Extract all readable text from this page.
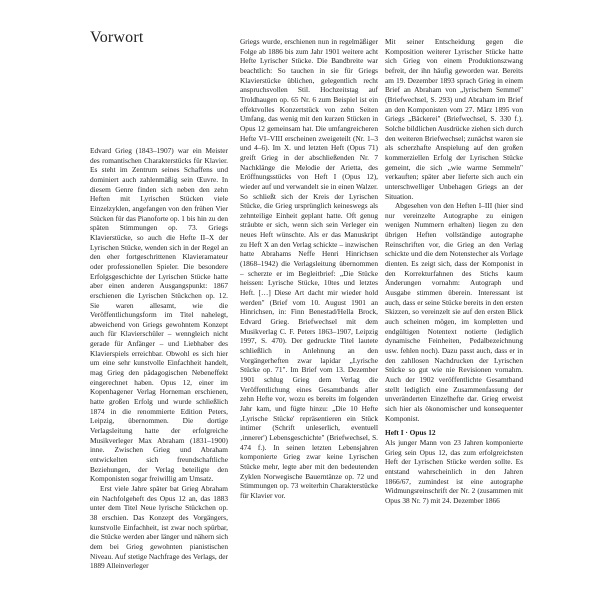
Vorwort

Edvard Grieg (1843–1907) war ein Meister des romantischen Charakterstücks für Klavier. Es steht im Zentrum seines Schaffens und dominiert auch zahlenmäßig sein Œuvre. In diesem Genre finden sich neben den zehn Heften mit Lyrischen Stücken viele Einzelzyklen, angefangen von den frühen Vier Stücken für das Pianoforte op. 1 bis hin zu den späten Stimmungen op. 73. Griegs Klavierstücke, so auch die Hefte II–X der Lyrischen Stücke, wenden sich in der Regel an den eher fortgeschrittenen Klavieramateur oder professionellen Spieler. Die besondere Erfolgsgeschichte der Lyrischen Stücke hatte aber einen anderen Ausgangspunkt: 1867 erschienen die Lyrischen Stückchen op. 12. Sie waren allesamt, wie die Veröffentlichungsform im Titel nahelegt, abweichend von Griegs gewohntem Konzept auch für Klavierschüler – wenngleich nicht gerade für Anfänger – und Liebhaber des Klavierspiels erreichbar. Obwohl es sich hier um eine sehr kunstvolle Einfachheit handelt, mag Grieg den pädagogischen Nebeneffekt eingerechnet haben. Opus 12, einer im Kopenhagener Verlag Horneman erschienen, hatte großen Erfolg und wurde schließlich 1874 in die renommierte Edition Peters, Leipzig, übernommen. Die dortige Verlagsleitung hatte der erfolgreiche Musikverleger Max Abraham (1831–1900) inne. Zwischen Grieg und Abraham entwickelten sich freundschaftliche Beziehungen, der Verlag beteiligte den Komponisten sogar freiwillig am Umsatz.

Erst viele Jahre später bat Grieg Abraham ein Nachfolgeheft des Opus 12 an, das 1883 unter dem Titel Neue lyrische Stückchen op. 38 erschien. Das Konzept des Vorgängers, kunstvolle Einfachheit, ist zwar noch spürbar, die Stücke werden aber länger und nähern sich dem bei Grieg gewohnten pianistischen Niveau. Auf stetige Nachfrage des Verlags, der 1889 Alleinverleger

Griegs wurde, erschienen nun in regelmäßiger Folge ab 1886 bis zum Jahr 1901 weitere acht Hefte Lyrischer Stücke. Die Bandbreite war beachtlich: So tauchen in sie für Griegs Klavierstücke üblichen, gelegentlich recht anspruchsvollen Stil. Hochzeitstag auf Troldhaugen op. 65 Nr. 6 zum Beispiel ist ein effektvolles Konzertstück von zehn Seiten Umfang, das wenig mit den kurzen Stücken in Opus 12 gemeinsam hat. Die umfangreicheren Hefte VI–VIII erscheinen zweigeteilt (Nr. 1–3 und 4–6). Im X. und letzten Heft (Opus 71) greift Grieg in der abschließenden Nr. 7 Nachklänge die Melodie der Arietta, des Eröffnungsstücks von Heft I (Opus 12), wieder auf und verwandelt sie in einen Walzer. So schließt sich der Kreis der Lyrischen Stücke, die Grieg ursprünglich keineswegs als zehnteilige Einheit geplant hatte. Oft genug sträubte er sich, wenn sich sein Verleger ein neues Heft wünschte. Als er das Manuskript zu Heft X an den Verlag schickte – inzwischen hatte Abrahams Neffe Henri Hinrichsen (1868–1942) die Verlagsleitung übernommen – scherzte er im Begleitbrief: „Die Stücke heissen: Lyrische Stücke, 10tes und letztes Heft. […] Diese Art dacht mir wieder hold werden" (Brief vom 10. August 1901 an Hinrichsen, in: Finn Benestad/Hella Brock, Edvard Grieg. Briefwechsel mit dem Musikverlag C. F. Peters 1863–1907, Leipzig 1997, S. 470). Der gedruckte Titel lautete schließlich in Anlehnung an den Vorgängerheften zwar lapidar „Lyrische Stücke op. 71". Im Brief vom 13. Dezember 1901 schlug Grieg dem Verlag die Veröffentlichung eines Gesamtbands aller zehn Hefte vor, wozu es bereits im folgenden Jahr kam, und fügte hinzu: „Die 10 Hefte ‚Lyrische Stücke' repräsentieren ein Stück intimer (Schrift unleserlich, eventuell ‚innerer') Lebensgeschichte" (Briefwechsel, S. 474 f.). In seinen letzten Lebensjahren komponierte Grieg zwar keine Lyrischen Stücke mehr, legte aber mit den bedeutenden Zyklen Norwegische Bauerntänze op. 72 und Stimmungen op. 73 weiterhin Charakterstücke für Klavier vor.

Mit seiner Entscheidung gegen die Komposition weiterer Lyrischer Stücke hatte sich Grieg von einem Produktionszwang befreit, der ihn häufig geworden war. Bereits am 19. Dezember 1893 sprach Grieg in einem Brief an Abraham von „lyrischem Semmel" (Briefwechsel, S. 293) und Abraham im Brief an den Komponisten vom 27. März 1895 von Griegs „Bäckerei" (Briefwechsel, S. 330 f.). Solche bildlichen Ausdrücke ziehen sich durch den weiteren Briefwechsel; zunächst waren sie als scherzhafte Anspielung auf den großen kommerziellen Erfolg der Lyrischen Stücke gemeint, die sich „wie warme Semmeln" verkauften; später aber lieferte sich auch ein unterschwelliger Unbehagen Griegs an der Situation.

Abgesehen von den Heften I–III (hier sind nur vereinzelte Autographe zu einigen wenigen Nummern erhalten) liegen zu den übrigen Heften vollständige autographe Reinschriften vor, die Grieg an den Verlag schickte und die dem Notenstecher als Vorlage dienten. Es zeigt sich, dass der Komponist in den Korrekturfahnen des Stichs kaum Änderungen vornahm: Autograph und Ausgabe stimmen überein. Interessant ist auch, dass er seine Stücke bereits in den ersten Skizzen, so vereinzelt sie auf den ersten Blick auch scheinen mögen, im kompletten und endgültigen Notentext notierte (lediglich dynamische Feinheiten, Pedalbezeichnung usw. fehlen noch). Dazu passt auch, dass er in den zahllosen Nachdrucken der Lyrischen Stücke so gut wie nie Revisionen vornahm. Auch der 1902 veröffentlichte Gesamtband stellt lediglich eine Zusammenfassung der unveränderten Einzelhefte dar. Grieg erweist sich hier als ökonomischer und konsequenter Komponist.

Heft I · Opus 12

Als junger Mann von 23 Jahren komponierte Grieg sein Opus 12, das zum erfolgreichsten Heft der Lyrischen Stücke werden sollte. Es entstand wahrscheinlich in den Jahren 1866/67, zumindest ist eine autographe Widmungsreinschrift der Nr. 2 (zusammen mit Opus 38 Nr. 7) mit 24. Dezember 1866
